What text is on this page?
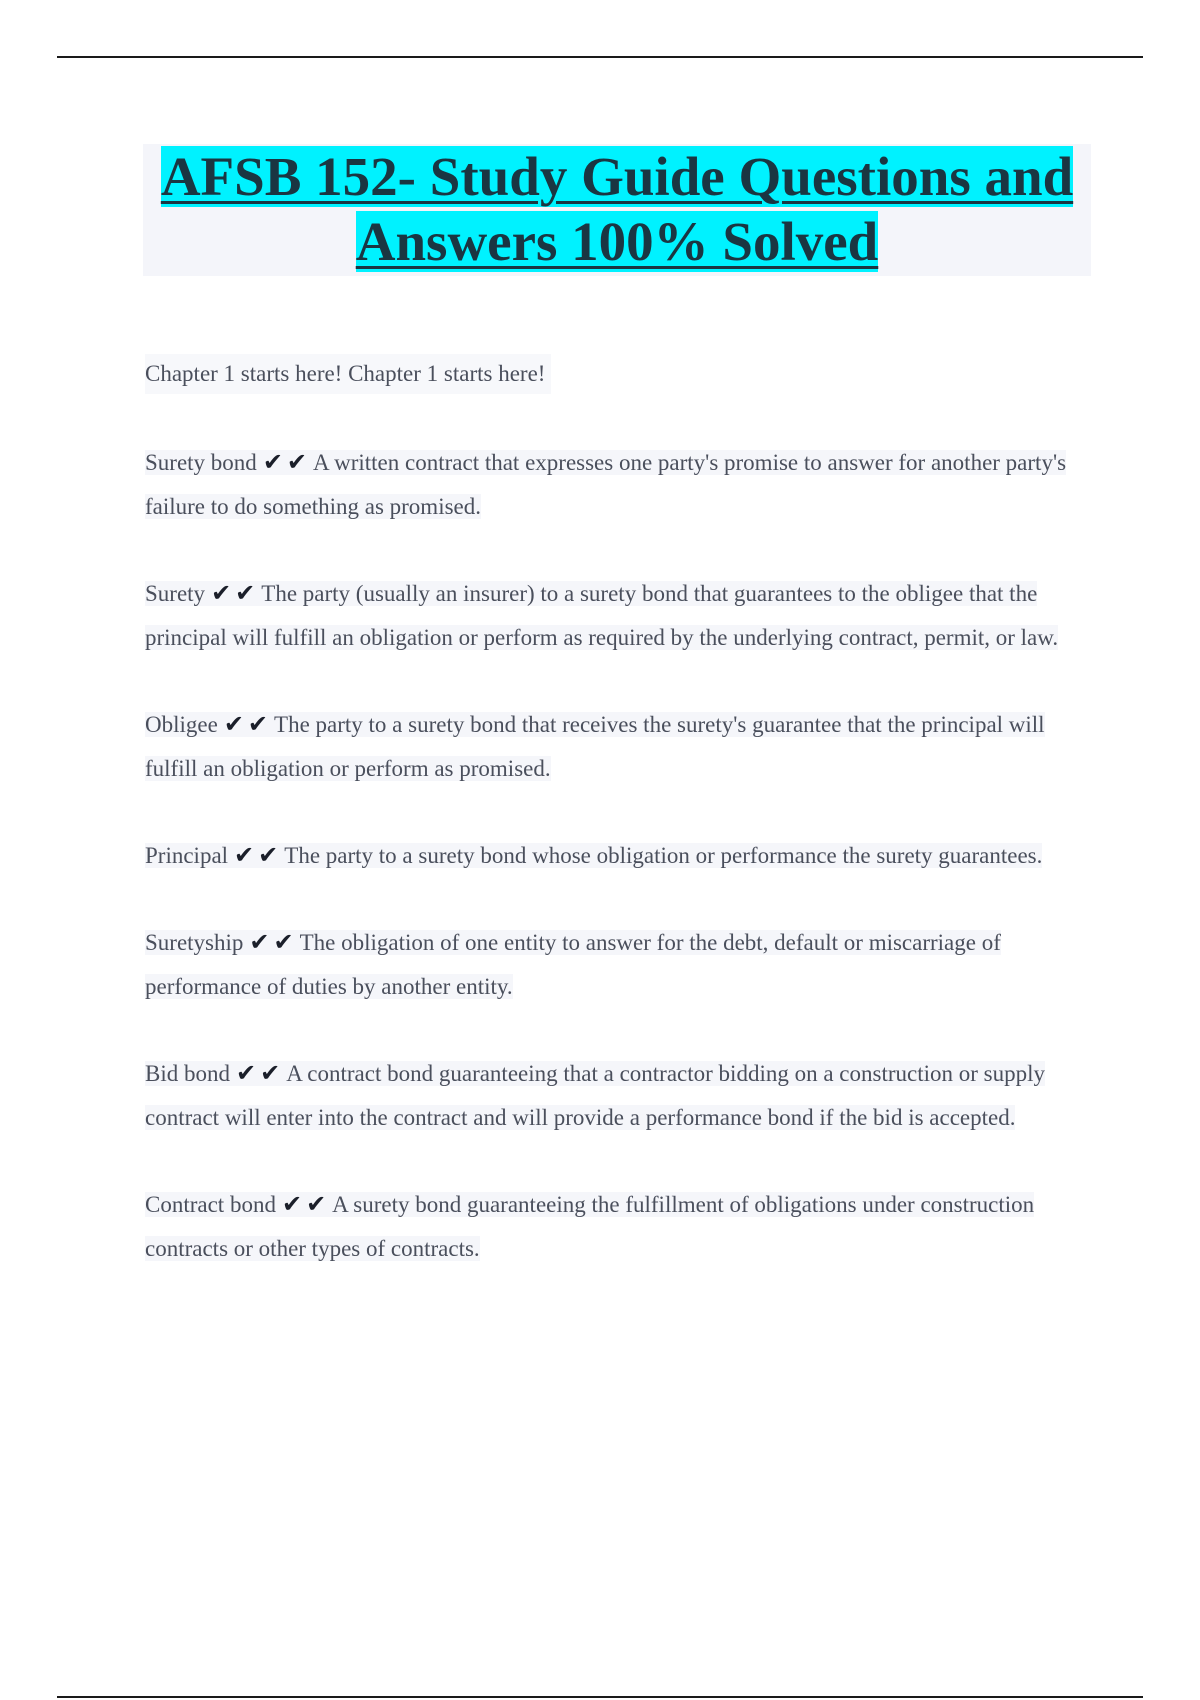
AFSB 152- Study Guide Questions and
Answers 100% Solved
Chapter 1 starts here! Chapter 1 starts here!
Surety bond ✔✔A written contract that expresses one party's promise to answer for another party's failure to do something as promised.
Surety ✔✔The party (usually an insurer) to a surety bond that guarantees to the obligee that the principal will fulfill an obligation or perform as required by the underlying contract, permit, or law.
Obligee ✔✔The party to a surety bond that receives the surety's guarantee that the principal will fulfill an obligation or perform as promised.
Principal ✔✔The party to a surety bond whose obligation or performance the surety guarantees.
Suretyship ✔✔The obligation of one entity to answer for the debt, default or miscarriage of performance of duties by another entity.
Bid bond ✔✔A contract bond guaranteeing that a contractor bidding on a construction or supply contract will enter into the contract and will provide a performance bond if the bid is accepted.
Contract bond ✔✔A surety bond guaranteeing the fulfillment of obligations under construction contracts or other types of contracts.
